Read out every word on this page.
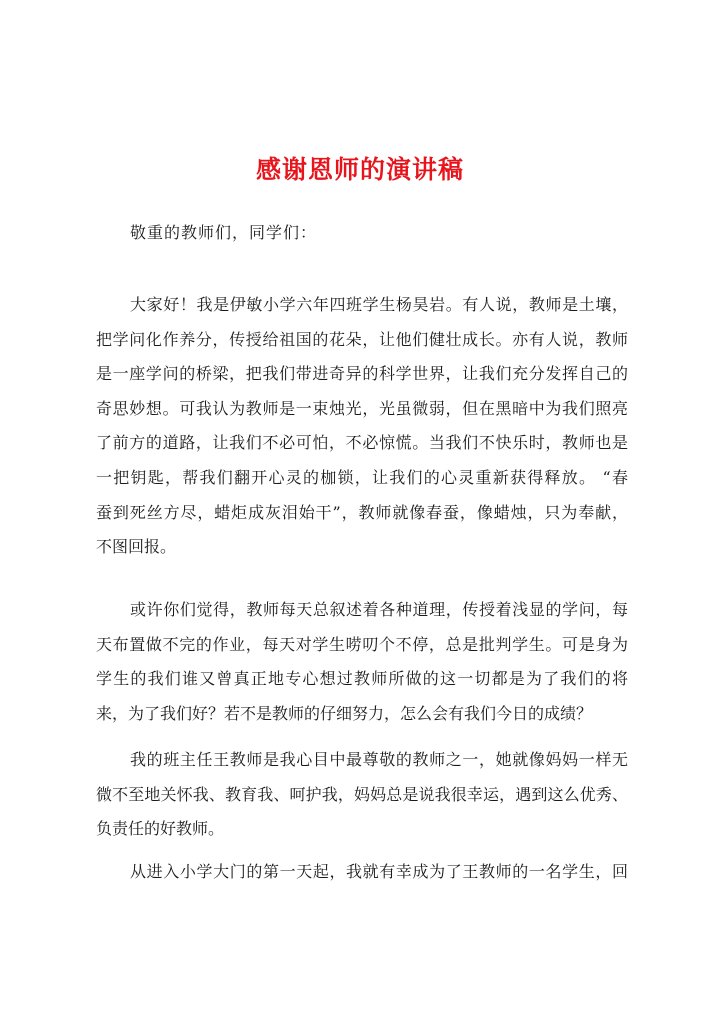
感谢恩师的演讲稿
敬重的教师们，同学们：
大家好！我是伊敏小学六年四班学生杨昊岩。有人说，教师是土壤，
把学问化作养分，传授给祖国的花朵，让他们健壮成长。亦有人说，教师
是一座学问的桥梁，把我们带进奇异的科学世界，让我们充分发挥自己的
奇思妙想。可我认为教师是一束烛光，光虽微弱，但在黑暗中为我们照亮
了前方的道路，让我们不必可怕，不必惊慌。当我们不快乐时，教师也是
一把钥匙，帮我们翻开心灵的枷锁，让我们的心灵重新获得释放。 “春
蚕到死丝方尽，蜡炬成灰泪始干”，教师就像春蚕，像蜡烛，只为奉献，
不图回报。
或许你们觉得，教师每天总叙述着各种道理，传授着浅显的学问，每
天布置做不完的作业，每天对学生唠叨个不停，总是批判学生。可是身为
学生的我们谁又曾真正地专心想过教师所做的这一切都是为了我们的将
来，为了我们好？若不是教师的仔细努力，怎么会有我们今日的成绩？
我的班主任王教师是我心目中最尊敬的教师之一，她就像妈妈一样无
微不至地关怀我、教育我、呵护我，妈妈总是说我很幸运，遇到这么优秀、
负责任的好教师。
从进入小学大门的第一天起，我就有幸成为了王教师的一名学生，回
